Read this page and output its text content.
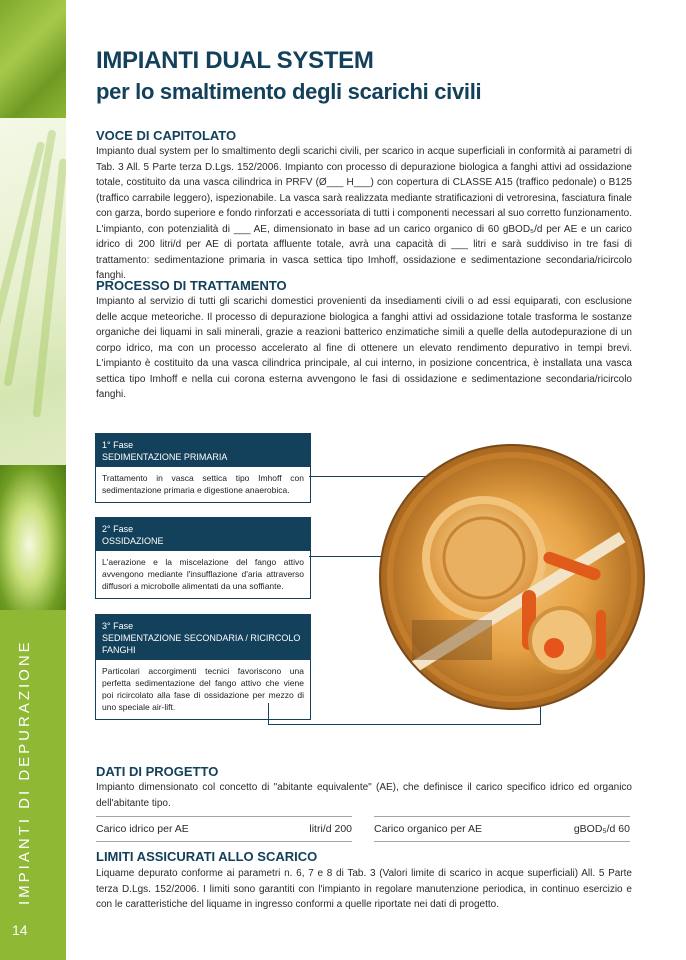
IMPIANTI DI DEPURAZIONE
14
IMPIANTI DUAL SYSTEM
per lo smaltimento degli scarichi civili
VOCE DI CAPITOLATO
Impianto dual system per lo smaltimento degli scarichi civili, per scarico in acque superficiali in conformità ai parametri di Tab. 3 All. 5 Parte terza D.Lgs. 152/2006. Impianto con processo di depurazione biologica a fanghi attivi ad ossidazione totale, costituito da una vasca cilindrica in PRFV (Ø___ H___) con copertura di CLASSE A15 (traffico pedonale) o B125 (traffico carrabile leggero), ispezionabile. La vasca sarà realizzata mediante stratificazioni di vetroresina, fasciatura finale con garza, bordo superiore e fondo rinforzati e accessoriata di tutti i componenti necessari al suo corretto funzionamento. L'impianto, con potenzialità di ___ AE, dimensionato in base ad un carico organico di 60 gBOD₅/d per AE e un carico idrico di 200 litri/d per AE di portata affluente totale, avrà una capacità di ___ litri e sarà suddiviso in tre fasi di trattamento: sedimentazione primaria in vasca settica tipo Imhoff, ossidazione e sedimentazione secondaria/ricircolo fanghi.
PROCESSO DI TRATTAMENTO
Impianto al servizio di tutti gli scarichi domestici provenienti da insediamenti civili o ad essi equiparati, con esclusione delle acque meteoriche. Il processo di depurazione biologica a fanghi attivi ad ossidazione totale trasforma le sostanze organiche dei liquami in sali minerali, grazie a reazioni batterico enzimatiche simili a quelle della autodepurazione di un corpo idrico, ma con un processo accelerato al fine di ottenere un elevato rendimento depurativo in tempi brevi. L'impianto è costituito da una vasca cilindrica principale, al cui interno, in posizione concentrica, è installata una vasca settica tipo Imhoff e nella cui corona esterna avvengono le fasi di ossidazione e sedimentazione secondaria/ricircolo fanghi.
1° Fase
SEDIMENTAZIONE PRIMARIA
Trattamento in vasca settica tipo Imhoff con sedimentazione primaria e digestione anaerobica.
2° Fase
OSSIDAZIONE
L'aerazione e la miscelazione del fango attivo avvengono mediante l'insufflazione d'aria attraverso diffusori a microbolle alimentati da una soffiante.
3° Fase
SEDIMENTAZIONE SECONDARIA / RICIRCOLO FANGHI
Particolari accorgimenti tecnici favoriscono una perfetta sedimentazione del fango attivo che viene poi ricircolato alla fase di ossidazione per mezzo di uno speciale air-lift.
DATI DI PROGETTO
Impianto dimensionato col concetto di "abitante equivalente" (AE), che definisce il carico specifico idrico ed organico dell'abitante tipo.
Carico idrico per AE	litri/d 200 Carico organico per AE	gBOD₅/d 60
LIMITI ASSICURATI ALLO SCARICO
Liquame depurato conforme ai parametri n. 6, 7 e 8 di Tab. 3 (Valori limite di scarico in acque superficiali) All. 5 Parte terza D.Lgs. 152/2006. I limiti sono garantiti con l'impianto in regolare manutenzione periodica, in continuo esercizio e con le caratteristiche del liquame in ingresso conformi a quelle riportate nei dati di progetto.
